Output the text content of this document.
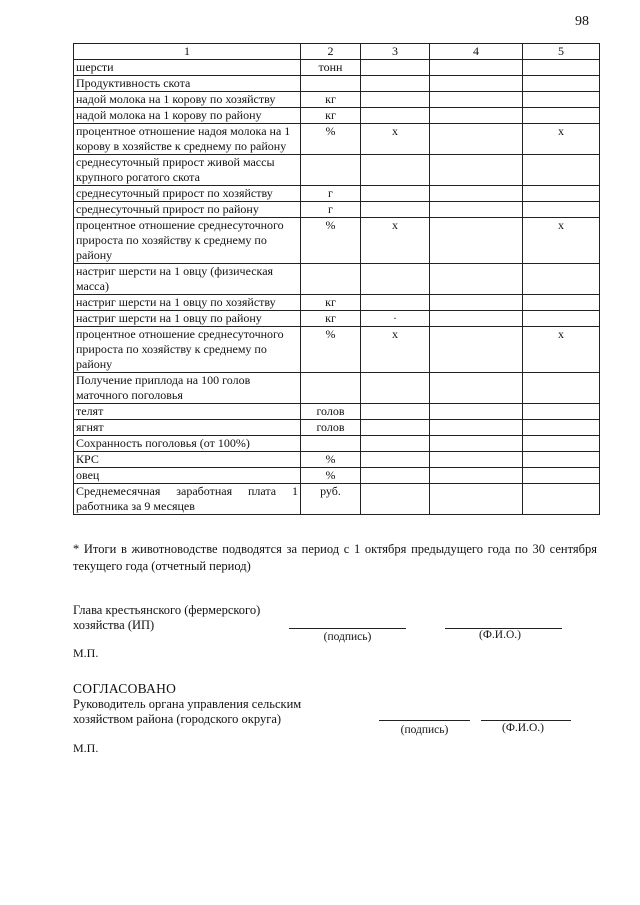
98
1	2	3	4	5
шерсти	тонн			
Продуктивность скота				
надой молока на 1 корову по хозяйству	кг			
надой молока на 1 корову по району	кг			
процентное отношение надоя молока на 1 корову в хозяйстве к среднему по району	%	x		x
среднесуточный прирост живой массы крупного рогатого скота				
среднесуточный прирост по хозяйству	г			
среднесуточный прирост по району	г			
процентное отношение среднесуточного прироста по хозяйству к среднему по району	%	x		x
настриг шерсти на 1 овцу (физическая масса)				
настриг шерсти на 1 овцу по хозяйству	кг			
настриг шерсти на 1 овцу по району	кг	·		
процентное отношение среднесуточного прироста по хозяйству к среднему по району	%	x		x
Получение приплода на 100 голов маточного поголовья				
телят	голов			
ягнят	голов			
Сохранность поголовья (от 100%)				
КРС	%			
овец	%			
Среднемесячная заработная плата 1 работника за 9 месяцев	руб.			
* Итоги в животноводстве подводятся за период с 1 октября предыдущего года по 30 сентября текущего года (отчетный период)
Глава крестьянского (фермерского)
хозяйства (ИП)
(подпись)	(Ф.И.О.)
М.П.
СОГЛАСОВАНО
Руководитель органа управления сельским
хозяйством района (городского округа)
(подпись)	(Ф.И.О.)
М.П.
